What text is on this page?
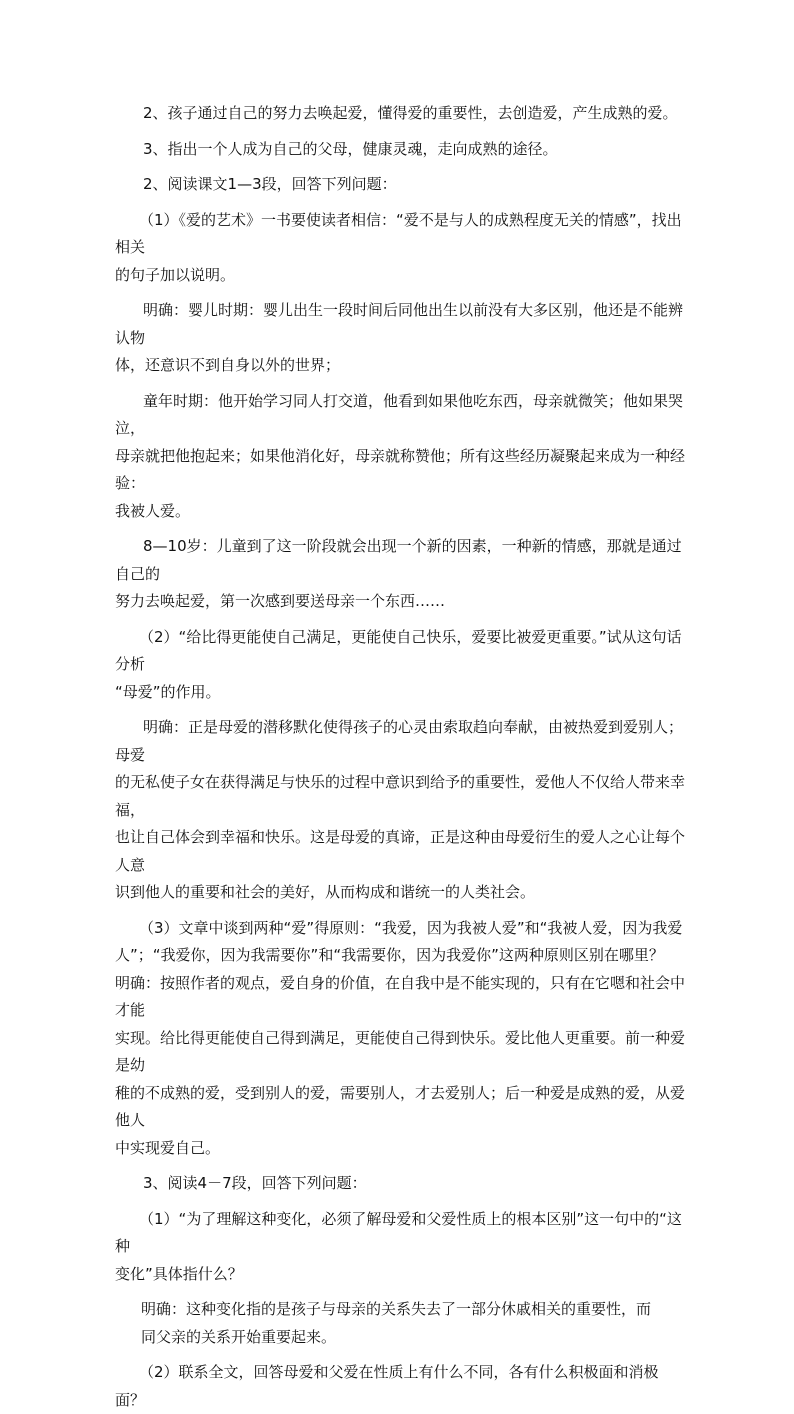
2、孩子通过自己的努力去唤起爱，懂得爱的重要性，去创造爱，产生成熟的爱。

3、指出一个人成为自己的父母，健康灵魂，走向成熟的途径。

2、阅读课文1—3段，回答下列问题：

（1）《爱的艺术》一书要使读者相信：“爱不是与人的成熟程度无关的情感”，找出相关

的句子加以说明。

明确：婴儿时期：婴儿出生一段时间后同他出生以前没有大多区别，他还是不能辨认物

体，还意识不到自身以外的世界；

童年时期：他开始学习同人打交道，他看到如果他吃东西，母亲就微笑；他如果哭泣，

母亲就把他抱起来；如果他消化好，母亲就称赞他；所有这些经历凝聚起来成为一种经验：

我被人爱。

8—10岁：儿童到了这一阶段就会出现一个新的因素，一种新的情感，那就是通过自己的

努力去唤起爱，第一次感到要送母亲一个东西……

（2）“给比得更能使自己满足，更能使自己快乐，爱要比被爱更重要。”试从这句话分析

“母爱”的作用。

明确：正是母爱的潜移默化使得孩子的心灵由索取趋向奉献，由被热爱到爱别人；母爱

的无私使子女在获得满足与快乐的过程中意识到给予的重要性，爱他人不仅给人带来幸福，

也让自己体会到幸福和快乐。这是母爱的真谛，正是这种由母爱衍生的爱人之心让每个人意

识到他人的重要和社会的美好，从而构成和谐统一的人类社会。

（3）文章中谈到两种“爱”得原则：“我爱，因为我被人爱”和“我被人爱，因为我爱

人”；“我爱你，因为我需要你”和“我需要你，因为我爱你”这两种原则区别在哪里？

明确：按照作者的观点，爱自身的价值，在自我中是不能实现的，只有在它嗯和社会中才能

实现。给比得更能使自己得到满足，更能使自己得到快乐。爱比他人更重要。前一种爱是幼

稚的不成熟的爱，受到别人的爱，需要别人，才去爱别人；后一种爱是成熟的爱，从爱他人

中实现爱自己。

3、阅读4－7段，回答下列问题：

（1）“为了理解这种变化，必须了解母爱和父爱性质上的根本区别”这一句中的“这种

变化”具体指什么？

明确：这种变化指的是孩子与母亲的关系失去了一部分休戚相关的重要性，而

同父亲的关系开始重要起来。

（2）联系全文，回答母爱和父爱在性质上有什么不同，各有什么积极面和消极面？
